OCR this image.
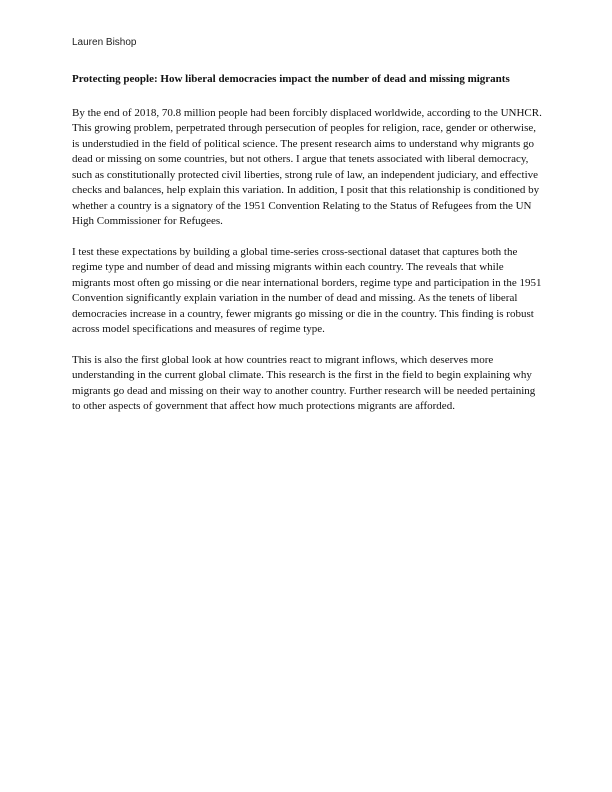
Lauren Bishop

Protecting people: How liberal democracies impact the number of dead and missing migrants

By the end of 2018, 70.8 million people had been forcibly displaced worldwide, according to the UNHCR. This growing problem, perpetrated through persecution of peoples for religion, race, gender or otherwise, is understudied in the field of political science. The present research aims to understand why migrants go dead or missing on some countries, but not others. I argue that tenets associated with liberal democracy, such as constitutionally protected civil liberties, strong rule of law, an independent judiciary, and effective checks and balances, help explain this variation. In addition, I posit that this relationship is conditioned by whether a country is a signatory of the 1951 Convention Relating to the Status of Refugees from the UN High Commissioner for Refugees.

I test these expectations by building a global time-series cross-sectional dataset that captures both the regime type and number of dead and missing migrants within each country. The reveals that while migrants most often go missing or die near international borders, regime type and participation in the 1951 Convention significantly explain variation in the number of dead and missing. As the tenets of liberal democracies increase in a country, fewer migrants go missing or die in the country. This finding is robust across model specifications and measures of regime type.

This is also the first global look at how countries react to migrant inflows, which deserves more understanding in the current global climate. This research is the first in the field to begin explaining why migrants go dead and missing on their way to another country. Further research will be needed pertaining to other aspects of government that affect how much protections migrants are afforded.
